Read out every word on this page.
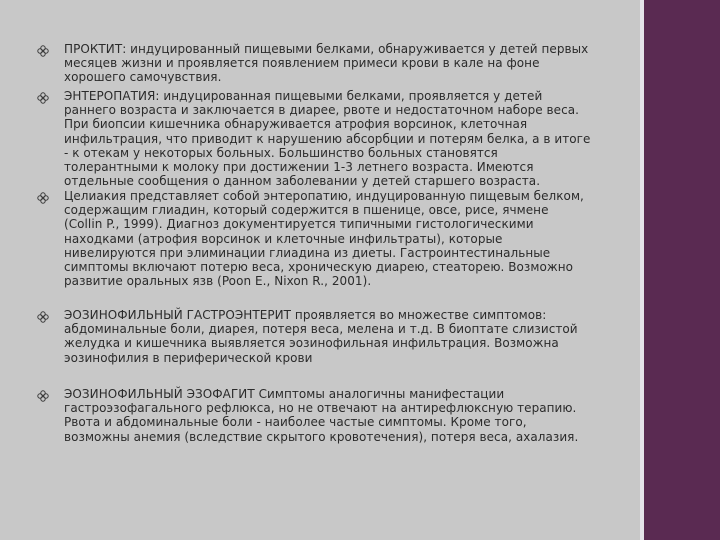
ПРОКТИТ: индуцированный пищевыми белками, обнаруживается у детей первых
месяцев жизни и проявляется появлением примеси крови в кале на фоне
хорошего самочувствия.

ЭНТЕРОПАТИЯ: индуцированная пищевыми белками, проявляется у детей
раннего возраста и заключается в диарее, рвоте и недостаточном наборе веса.
При биопсии кишечника обнаруживается атрофия ворсинок, клеточная
инфильтрация, что приводит к нарушению абсорбции и потерям белка, а в итоге
- к отекам у некоторых больных. Большинство больных становятся
толерантными к молоку при достижении 1-3 летнего возраста. Имеются
отдельные сообщения о данном заболевании у детей старшего возраста.

Целиакия представляет собой энтеропатию, индуцированную пищевым белком,
содержащим глиадин, который содержится в пшенице, овсе, рисе, ячмене
(Collin P., 1999). Диагноз документируется типичными гистологическими
находками (атрофия ворсинок и клеточные инфильтраты), которые
нивелируются при элиминации глиадина из диеты. Гастроинтестинальные
симптомы включают потерю веса, хроническую диарею, стеаторею. Возможно
развитие оральных язв (Poon E., Nixon R., 2001).

ЭОЗИНОФИЛЬНЫЙ ГАСТРОЭНТЕРИТ проявляется во множестве симптомов:
абдоминальные боли, диарея, потеря веса, мелена и т.д. В биоптате слизистой
желудка и кишечника выявляется эозинофильная инфильтрация. Возможна
эозинофилия в периферической крови

ЭОЗИНОФИЛЬНЫЙ ЭЗОФАГИТ Симптомы аналогичны манифестации
гастроэзофагального рефлюкса, но не отвечают на антирефлюксную терапию.
Рвота и абдоминальные боли - наиболее частые симптомы. Кроме того,
возможны анемия (вследствие скрытого кровотечения), потеря веса, ахалазия.
